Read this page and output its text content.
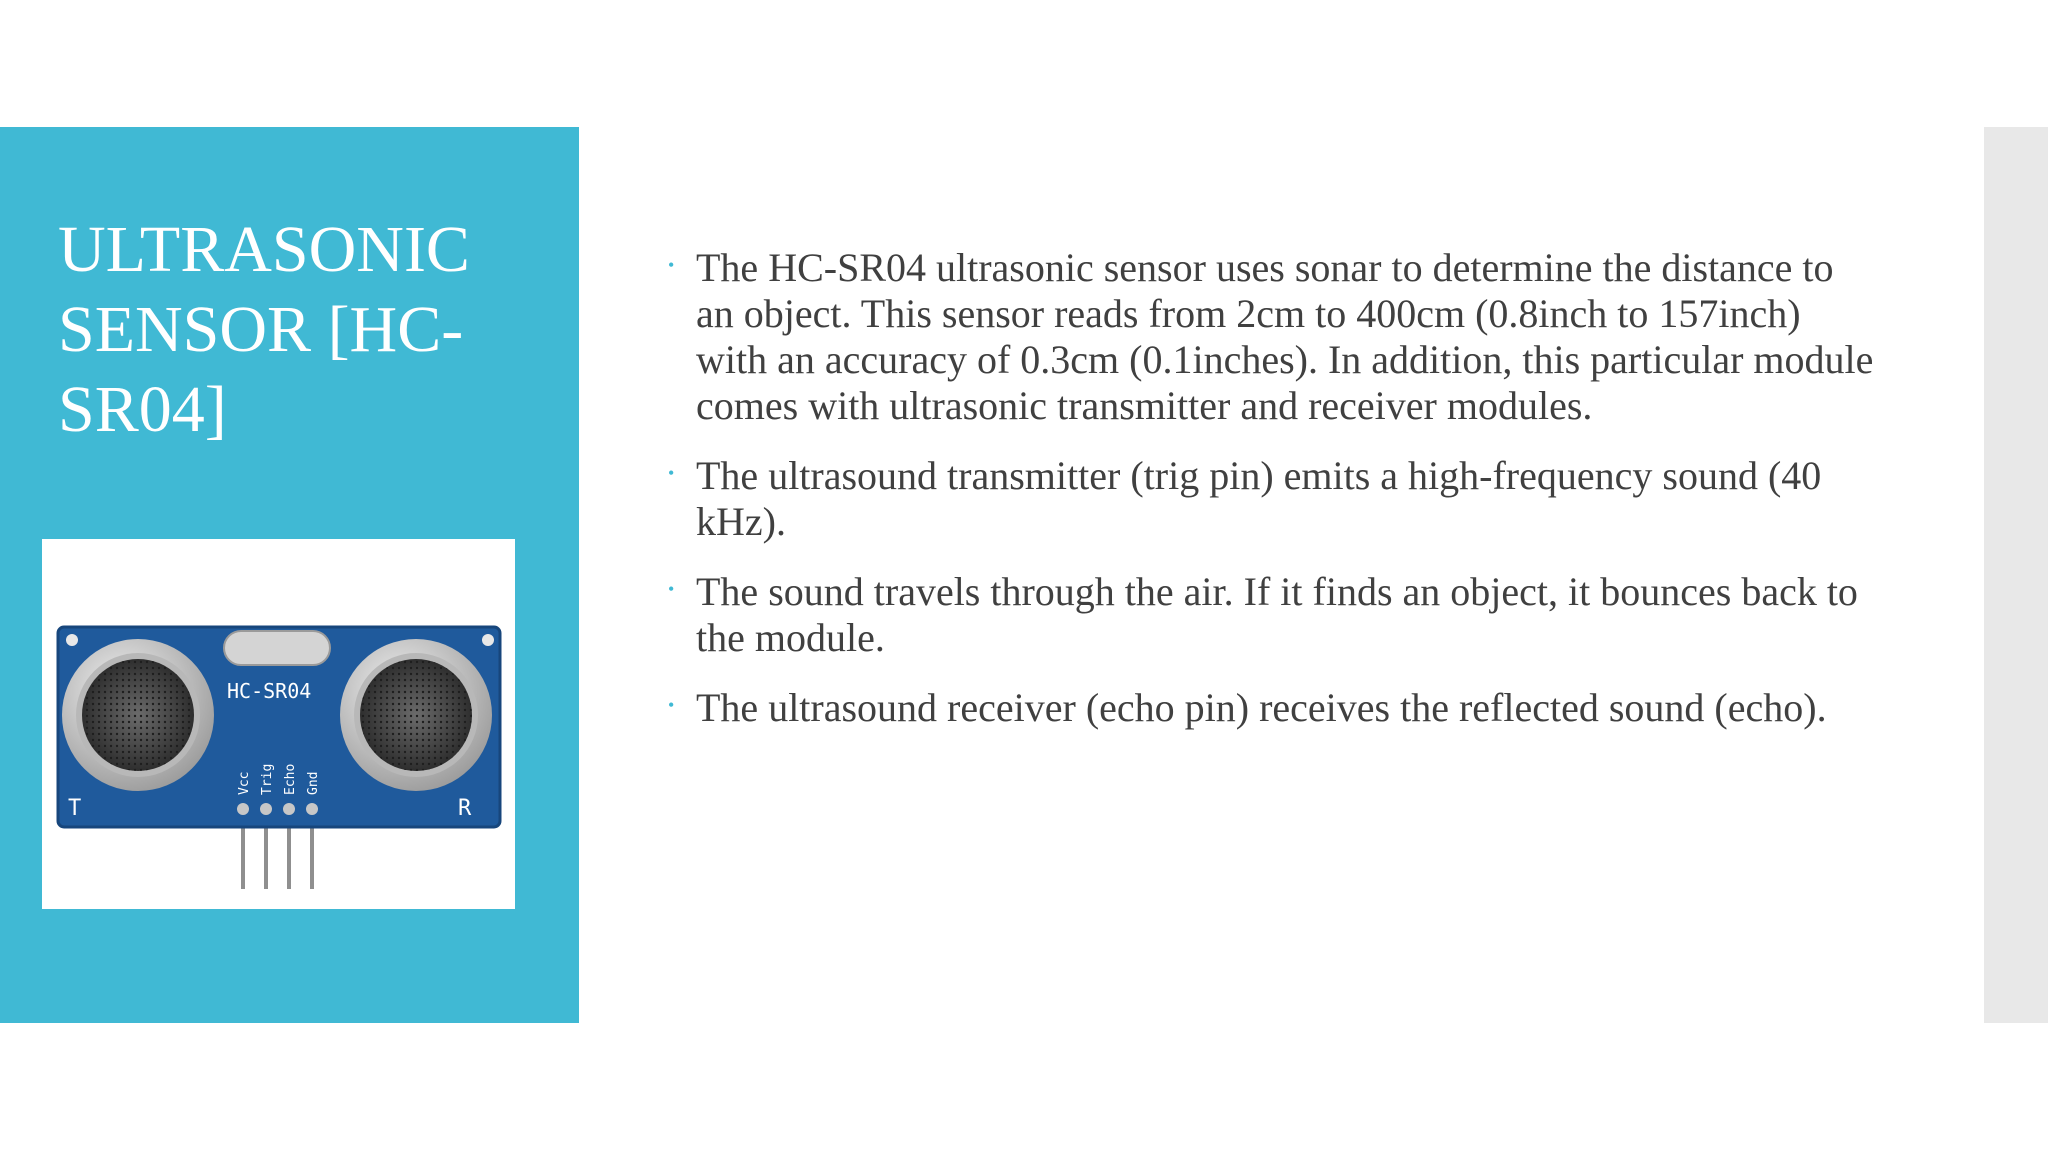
ULTRASONIC SENSOR [HC-SR04]
HC-SR04
Vcc Trig Echo Gnd
T	R
• The HC-SR04 ultrasonic sensor uses sonar to determine the distance to an object. This sensor reads from 2cm to 400cm (0.8inch to 157inch) with an accuracy of 0.3cm (0.1inches). In addition, this particular module comes with ultrasonic transmitter and receiver modules.
• The ultrasound transmitter (trig pin) emits a high-frequency sound (40 kHz).
• The sound travels through the air. If it finds an object, it bounces back to the module.
• The ultrasound receiver (echo pin) receives the reflected sound (echo).
